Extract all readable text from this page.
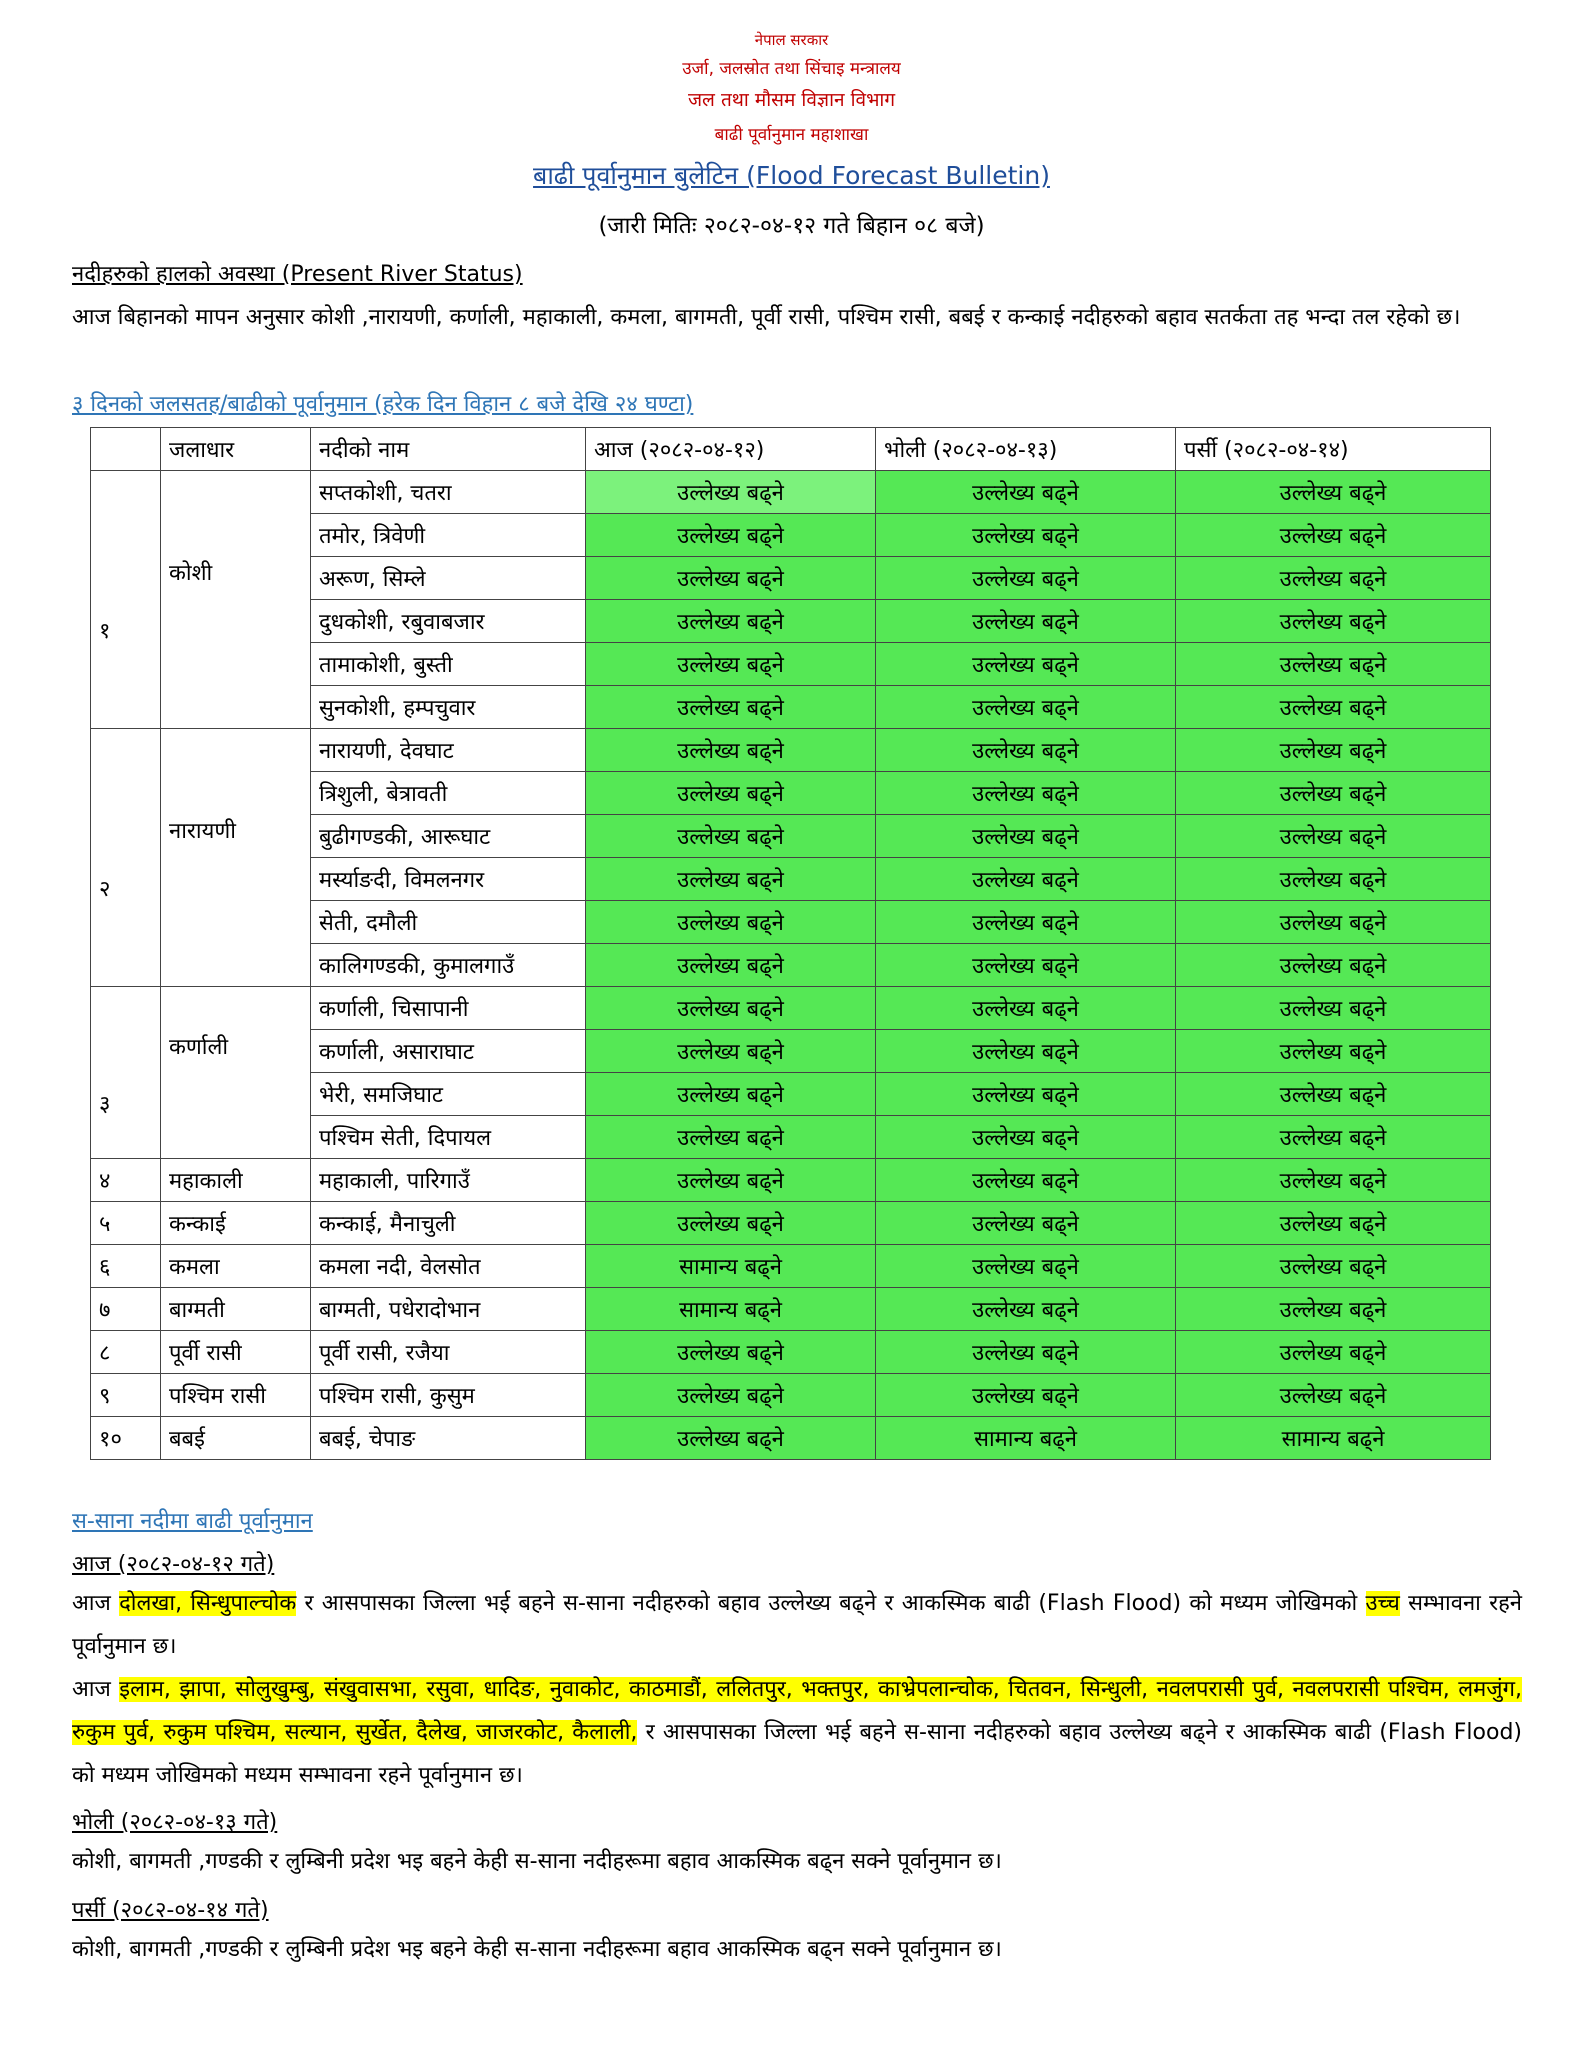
नेपाल सरकार
उर्जा, जलस्रोत तथा सिंचाइ मन्त्रालय
जल तथा मौसम विज्ञान विभाग
बाढी पूर्वानुमान महाशाखा
बाढी पूर्वानुमान बुलेटिन (Flood Forecast Bulletin)
(जारी मितिः २०८२-०४-१२ गते बिहान ०८ बजे)
नदीहरुको हालको अवस्था (Present River Status)
आज बिहानको मापन अनुसार कोशी ,नारायणी, कर्णाली, महाकाली, कमला, बागमती, पूर्वी रासी, पश्चिम रासी, बबई र कन्काई नदीहरुको बहाव सतर्कता तह भन्दा तल रहेको छ।
३ दिनको जलसतह/बाढीको पूर्वानुमान (हरेक दिन विहान ८ बजे देखि २४ घण्टा)
	जलाधार	नदीको नाम	आज (२०८२-०४-१२)	भोली (२०८२-०४-१३)	पर्सी (२०८२-०४-१४)
१	कोशी	सप्तकोशी, चतरा	उल्लेख्य बढ्ने	उल्लेख्य बढ्ने	उल्लेख्य बढ्ने
		तमोर, त्रिवेणी	उल्लेख्य बढ्ने	उल्लेख्य बढ्ने	उल्लेख्य बढ्ने
		अरूण, सिम्ले	उल्लेख्य बढ्ने	उल्लेख्य बढ्ने	उल्लेख्य बढ्ने
		दुधकोशी, रबुवाबजार	उल्लेख्य बढ्ने	उल्लेख्य बढ्ने	उल्लेख्य बढ्ने
		तामाकोशी, बुस्ती	उल्लेख्य बढ्ने	उल्लेख्य बढ्ने	उल्लेख्य बढ्ने
		सुनकोशी, हम्पचुवार	उल्लेख्य बढ्ने	उल्लेख्य बढ्ने	उल्लेख्य बढ्ने
२	नारायणी	नारायणी, देवघाट	उल्लेख्य बढ्ने	उल्लेख्य बढ्ने	उल्लेख्य बढ्ने
		त्रिशुली, बेत्रावती	उल्लेख्य बढ्ने	उल्लेख्य बढ्ने	उल्लेख्य बढ्ने
		बुढीगण्डकी, आरूघाट	उल्लेख्य बढ्ने	उल्लेख्य बढ्ने	उल्लेख्य बढ्ने
		मर्स्याङदी, विमलनगर	उल्लेख्य बढ्ने	उल्लेख्य बढ्ने	उल्लेख्य बढ्ने
		सेती, दमौली	उल्लेख्य बढ्ने	उल्लेख्य बढ्ने	उल्लेख्य बढ्ने
		कालिगण्डकी, कुमालगाउँ	उल्लेख्य बढ्ने	उल्लेख्य बढ्ने	उल्लेख्य बढ्ने
३	कर्णाली	कर्णाली, चिसापानी	उल्लेख्य बढ्ने	उल्लेख्य बढ्ने	उल्लेख्य बढ्ने
		कर्णाली, असाराघाट	उल्लेख्य बढ्ने	उल्लेख्य बढ्ने	उल्लेख्य बढ्ने
		भेरी, समजिघाट	उल्लेख्य बढ्ने	उल्लेख्य बढ्ने	उल्लेख्य बढ्ने
		पश्चिम सेती, दिपायल	उल्लेख्य बढ्ने	उल्लेख्य बढ्ने	उल्लेख्य बढ्ने
४	महाकाली	महाकाली, पारिगाउँ	उल्लेख्य बढ्ने	उल्लेख्य बढ्ने	उल्लेख्य बढ्ने
५	कन्काई	कन्काई, मैनाचुली	उल्लेख्य बढ्ने	उल्लेख्य बढ्ने	उल्लेख्य बढ्ने
६	कमला	कमला नदी, वेलसोत	सामान्य बढ्ने	उल्लेख्य बढ्ने	उल्लेख्य बढ्ने
७	बाग्मती	बाग्मती, पधेरादोभान	सामान्य बढ्ने	उल्लेख्य बढ्ने	उल्लेख्य बढ्ने
८	पूर्वी रासी	पूर्वी रासी, रजैया	उल्लेख्य बढ्ने	उल्लेख्य बढ्ने	उल्लेख्य बढ्ने
९	पश्चिम रासी	पश्चिम रासी, कुसुम	उल्लेख्य बढ्ने	उल्लेख्य बढ्ने	उल्लेख्य बढ्ने
१०	बबई	बबई, चेपाङ	उल्लेख्य बढ्ने	सामान्य बढ्ने	सामान्य बढ्ने
स-साना नदीमा बाढी पूर्वानुमान
आज (२०८२-०४-१२ गते)
आज दोलखा, सिन्धुपाल्चोक र आसपासका जिल्ला भई बहने स-साना नदीहरुको बहाव उल्लेख्य बढ्ने र आकस्मिक बाढी (Flash Flood) को मध्यम जोखिमको उच्च सम्भावना रहने पूर्वानुमान छ।
आज इलाम, झापा, सोलुखुम्बु, संखुवासभा, रसुवा, धादिङ, नुवाकोट, काठमाडौं, ललितपुर, भक्तपुर, काभ्रेपलान्चोक, चितवन, सिन्धुली, नवलपरासी पुर्व, नवलपरासी पश्चिम, लमजुंग, रुकुम पुर्व, रुकुम पश्चिम, सल्यान, सुर्खेत, दैलेख, जाजरकोट, कैलाली, र आसपासका जिल्ला भई बहने स-साना नदीहरुको बहाव उल्लेख्य बढ्ने र आकस्मिक बाढी (Flash Flood) को मध्यम जोखिमको मध्यम सम्भावना रहने पूर्वानुमान छ।
भोली (२०८२-०४-१३ गते)
कोशी, बागमती ,गण्डकी र लुम्बिनी प्रदेश भइ बहने केही स-साना नदीहरूमा बहाव आकस्मिक बढ्न सक्ने पूर्वानुमान छ।
पर्सी (२०८२-०४-१४ गते)
कोशी, बागमती ,गण्डकी र लुम्बिनी प्रदेश भइ बहने केही स-साना नदीहरूमा बहाव आकस्मिक बढ्न सक्ने पूर्वानुमान छ।
